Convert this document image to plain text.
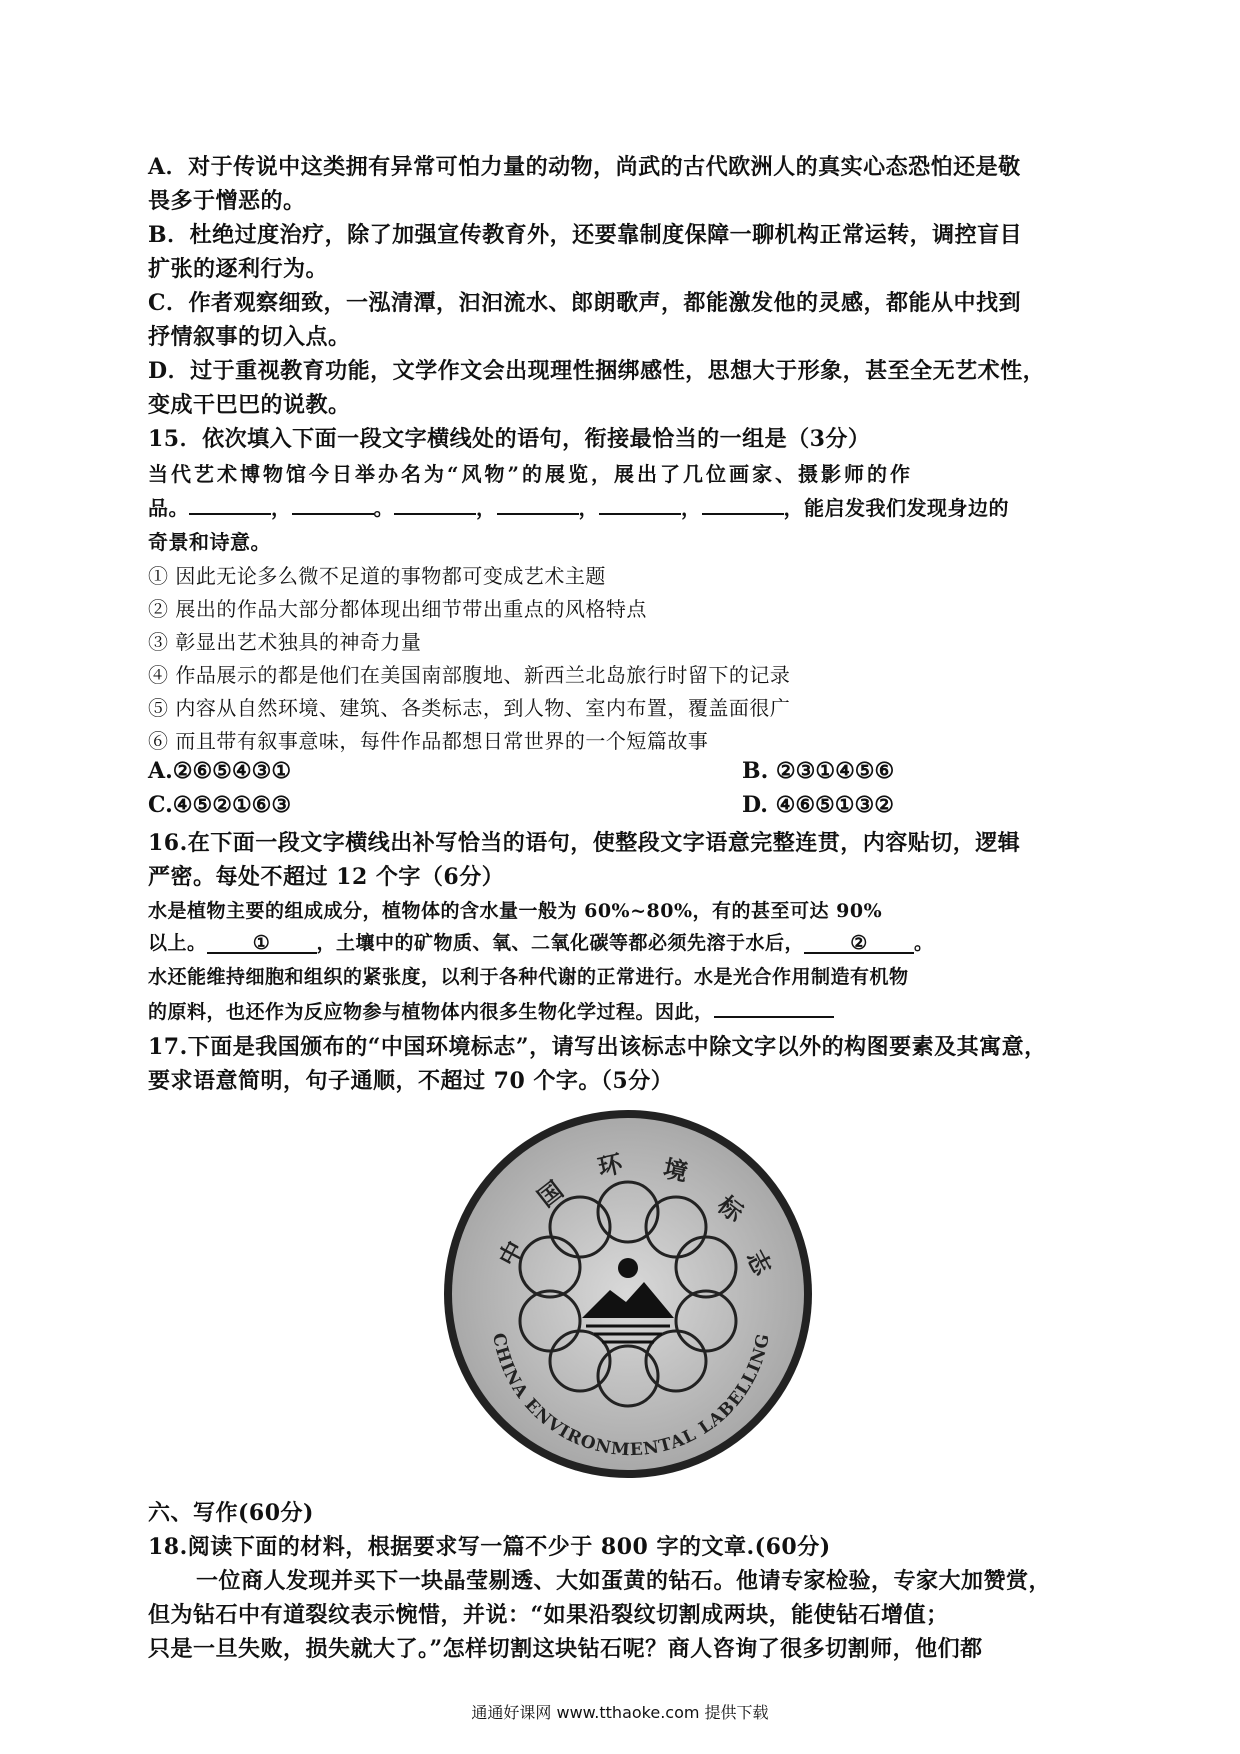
A．对于传说中这类拥有异常可怕力量的动物，尚武的古代欧洲人的真实心态恐怕还是敬
畏多于憎恶的。
B．杜绝过度治疗，除了加强宣传教育外，还要靠制度保障一聊机构正常运转，调控盲目
扩张的逐利行为。
C．作者观察细致，一泓清潭，汩汩流水、郎朗歌声，都能激发他的灵感，都能从中找到
抒情叙事的切入点。
D．过于重视教育功能，文学作文会出现理性捆绑感性，思想大于形象，甚至全无艺术性，
变成干巴巴的说教。
15．依次填入下面一段文字横线处的语句，衔接最恰当的一组是（3分）
当代艺术博物馆今日举办名为“风物”的展览，展出了几位画家、摄影师的作
品。	，	。	，	，	，	，能启发我们发现身边的
奇景和诗意。
① 因此无论多么微不足道的事物都可变成艺术主题
② 展出的作品大部分都体现出细节带出重点的风格特点
③ 彰显出艺术独具的神奇力量
④ 作品展示的都是他们在美国南部腹地、新西兰北岛旅行时留下的记录
⑤ 内容从自然环境、建筑、各类标志，到人物、室内布置，覆盖面很广
⑥ 而且带有叙事意味，每件作品都想日常世界的一个短篇故事
A.②⑥⑤④③①	B. ②③①④⑤⑥
C.④⑤②①⑥③	D. ④⑥⑤①③②
16.在下面一段文字横线出补写恰当的语句，使整段文字语意完整连贯，内容贴切，逻辑
严密。每处不超过 12 个字（6分）
水是植物主要的组成成分，植物体的含水量一般为 60%~80%，有的甚至可达 90%
以上。 ① ，土壤中的矿物质、氧、二氧化碳等都必须先溶于水后， ② 。
水还能维持细胞和组织的紧张度，以利于各种代谢的正常进行。水是光合作用制造有机物
的原料，也还作为反应物参与植物体内很多生物化学过程。因此，
17.下面是我国颁布的“中国环境标志”，请写出该标志中除文字以外的构图要素及其寓意，
要求语意简明，句子通顺，不超过 70 个字。（5分）
中
国
环 境
标
志
CHINA ENVIRONMENTAL LABELLING
六、写作(60分)
18.阅读下面的材料，根据要求写一篇不少于 800 字的文章.(60分)
一位商人发现并买下一块晶莹剔透、大如蛋黄的钻石。他请专家检验，专家大加赞赏，
但为钻石中有道裂纹表示惋惜，并说：“如果沿裂纹切割成两块，能使钻石增值；
只是一旦失败，损失就大了。”怎样切割这块钻石呢？商人咨询了很多切割师，他们都
通通好课网 www.tthaoke.com 提供下载
